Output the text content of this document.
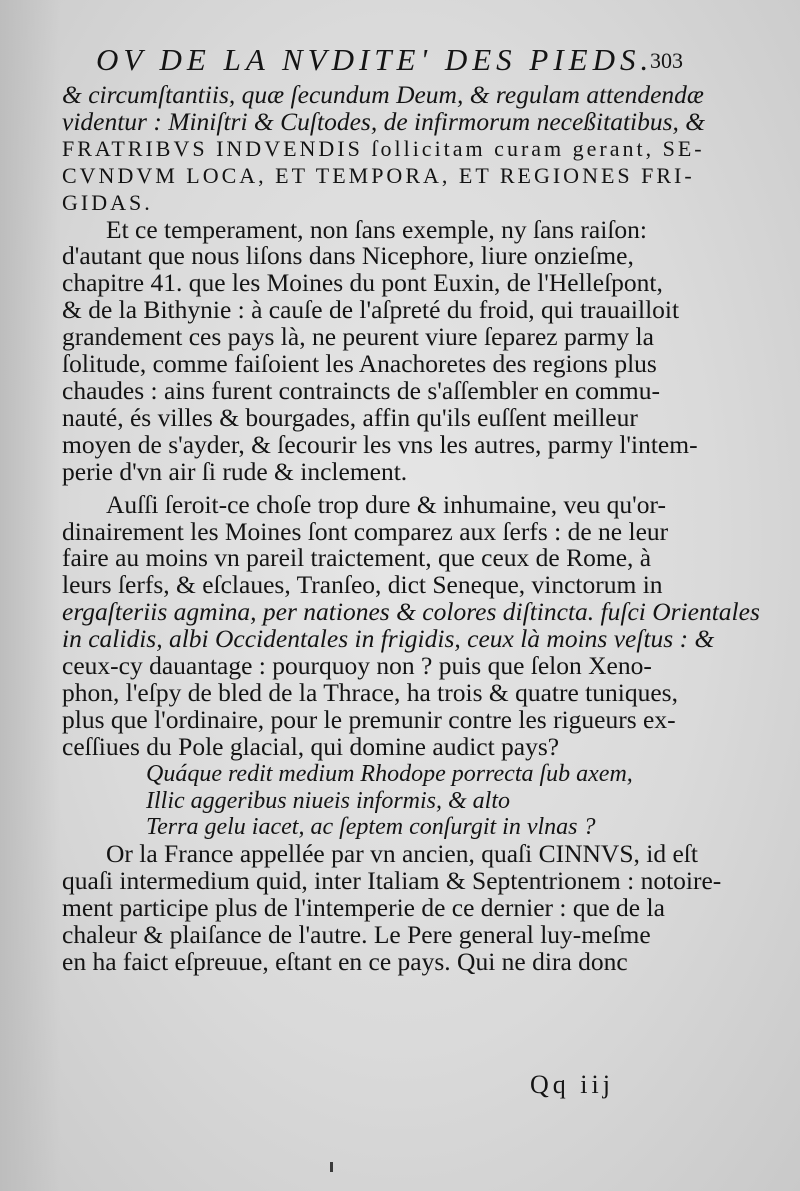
OV DE LA NVDITE' DES PIEDS.
303
& circumſtantiis, quæ ſecundum Deum, & regulam attendendæ
videntur : Miniſtri & Cuſtodes, de infirmorum neceßitatibus, &
FRATRIBVS INDVENDIS ſollicitam curam gerant, SE-
CVNDVM LOCA, ET TEMPORA, ET REGIONES FRI-
GIDAS.
Et ce temperament, non ſans exemple, ny ſans raiſon:
d'autant que nous liſons dans Nicephore, liure onzieſme,
chapitre 41. que les Moines du pont Euxin, de l'Helleſpont,
& de la Bithynie : à cauſe de l'aſpreté du froid, qui trauailloit
grandement ces pays là, ne peurent viure ſeparez parmy la
ſolitude, comme faiſoient les Anachoretes des regions plus
chaudes : ains furent contraincts de s'aſſembler en commu-
nauté, és villes & bourgades, affin qu'ils euſſent meilleur
moyen de s'ayder, & ſecourir les vns les autres, parmy l'intem-
perie d'vn air ſi rude & inclement.
Auſſi ſeroit-ce choſe trop dure & inhumaine, veu qu'or-
dinairement les Moines ſont comparez aux ſerfs : de ne leur
faire au moins vn pareil traictement, que ceux de Rome, à
leurs ſerfs, & eſclaues, Tranſeo, dict Seneque, vinctorum in
ergaſteriis agmina, per nationes & colores diſtincta. fuſci Orientales
in calidis, albi Occidentales in frigidis, ceux là moins veſtus : &
ceux-cy dauantage : pourquoy non ? puis que ſelon Xeno-
phon, l'eſpy de bled de la Thrace, ha trois & quatre tuniques,
plus que l'ordinaire, pour le premunir contre les rigueurs ex-
ceſſiues du Pole glacial, qui domine audict pays?
Quáque redit medium Rhodope porrecta ſub axem,
Illic aggeribus niueis informis, & alto
Terra gelu iacet, ac ſeptem conſurgit in vlnas ?
Or la France appellée par vn ancien, quaſi CINNVS, id eſt
quaſi intermedium quid, inter Italiam & Septentrionem : notoire-
ment participe plus de l'intemperie de ce dernier : que de la
chaleur & plaiſance de l'autre. Le Pere general luy-meſme
en ha faict eſpreuue, eſtant en ce pays. Qui ne dira donc
Qq iij
